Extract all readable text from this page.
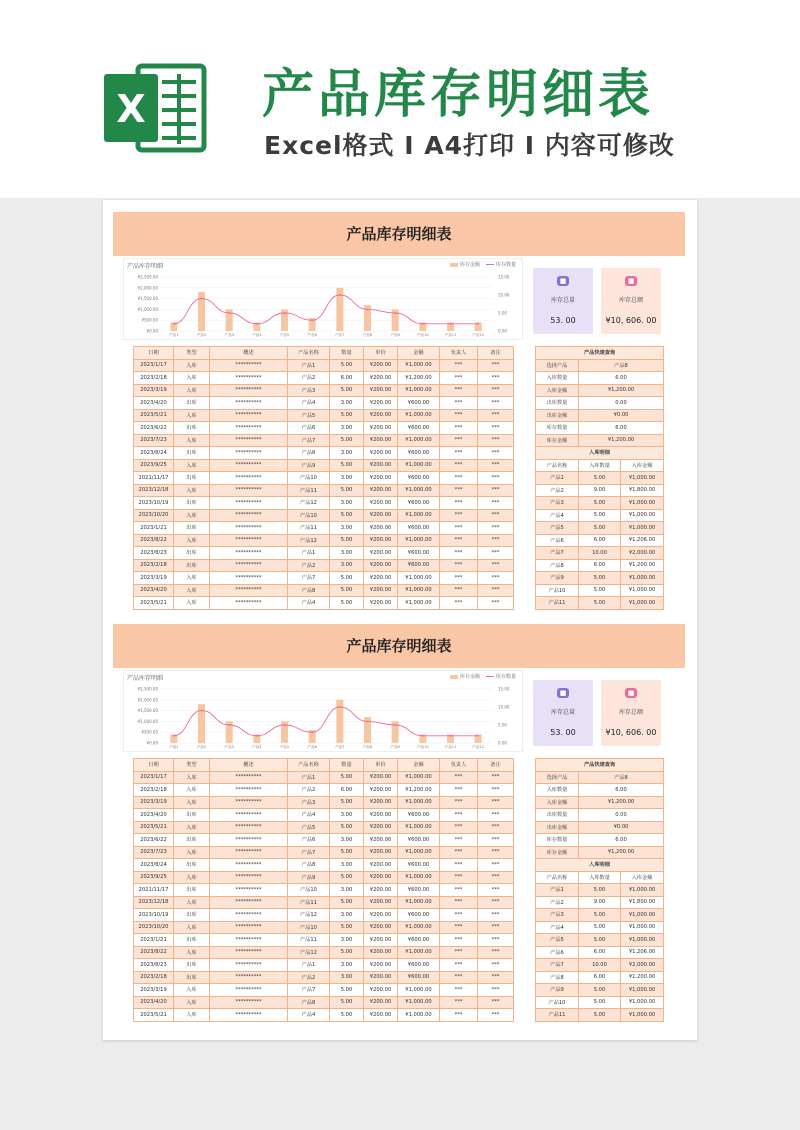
X 产品库存明细表
Excel格式 I A4打印 I 内容可修改
产品库存明细表
产品库存明细	库存金额	库存数量
¥2,500.00
¥2,000.00
¥1,500.00
¥1,000.00
¥500.00
¥0.00
15.00
10.00
5.00
0.00
产品1	产品2	产品3	产品4	产品5	产品6	产品7	产品8	产品9	产品10	产品11	产品12
■
库存总量
53. 00
■
库存总额
¥10, 606. 00
日期	类型	概述	产品名称	数量	单价	金额	负责人	备注
2023/1/17	入库	**********	产品1	5.00	¥200.00	¥1,000.00	***	***
2023/2/18	入库	**********	产品2	6.00	¥200.00	¥1,200.00	***	***
2023/3/19	入库	**********	产品3	5.00	¥200.00	¥1,000.00	***	***
2023/4/20	出库	**********	产品4	3.00	¥200.00	¥600.00	***	***
2023/5/21	入库	**********	产品5	5.00	¥200.00	¥1,000.00	***	***
2023/6/22	出库	**********	产品6	3.00	¥200.00	¥600.00	***	***
2023/7/23	入库	**********	产品7	5.00	¥200.00	¥1,000.00	***	***
2023/8/24	出库	**********	产品8	3.00	¥200.00	¥600.00	***	***
2023/9/25	入库	**********	产品9	5.00	¥200.00	¥1,000.00	***	***
2021/11/17	出库	**********	产品10	3.00	¥200.00	¥600.00	***	***
2023/12/18	入库	**********	产品11	5.00	¥200.00	¥1,000.00	***	***
2023/10/19	出库	**********	产品12	3.00	¥200.00	¥600.00	***	***
2023/10/20	入库	**********	产品10	5.00	¥200.00	¥1,000.00	***	***
2023/1/21	出库	**********	产品11	3.00	¥200.00	¥600.00	***	***
2023/8/22	入库	**********	产品12	5.00	¥200.00	¥1,000.00	***	***
2023/8/23	出库	**********	产品1	3.00	¥200.00	¥600.00	***	***
2023/2/18	出库	**********	产品2	3.00	¥200.00	¥600.00	***	***
2023/3/19	入库	**********	产品7	5.00	¥200.00	¥1,000.00	***	***
2023/4/20	入库	**********	产品8	5.00	¥200.00	¥1,000.00	***	***
2023/5/21	入库	**********	产品4	5.00	¥200.00	¥1,000.00	***	***
产品快速查询		
选择产品	产品8	
入库数量	6.00	
入库金额	¥1,200.00	
出库数量	0.00	
出库金额	¥0.00	
库存数量	6.00	
库存金额	¥1,200.00	
入库明细		
产品名称	入库数量	入库金额
产品1	5.00	¥1,000.00
产品2	9.00	¥1,800.00
产品3	5.00	¥1,000.00
产品4	5.00	¥1,000.00
产品5	5.00	¥1,000.00
产品6	6.00	¥1,206.00
产品7	10.00	¥2,000.00
产品8	6.00	¥1,200.00
产品9	5.00	¥1,000.00
产品10	5.00	¥1,000.00
产品11	5.00	¥1,000.00
产品库存明细表
产品库存明细	库存金额	库存数量
¥2,500.00
¥2,000.00
¥1,500.00
¥1,000.00
¥500.00
¥0.00
15.00
10.00
5.00
0.00
产品1	产品2	产品3	产品4	产品5	产品6	产品7	产品8	产品9	产品10	产品11	产品12
■
库存总量
53. 00
■
库存总额
¥10, 606. 00
日期	类型	概述	产品名称	数量	单价	金额	负责人	备注
2023/1/17	入库	**********	产品1	5.00	¥200.00	¥1,000.00	***	***
2023/2/18	入库	**********	产品2	6.00	¥200.00	¥1,200.00	***	***
2023/3/19	入库	**********	产品3	5.00	¥200.00	¥1,000.00	***	***
2023/4/20	出库	**********	产品4	3.00	¥200.00	¥600.00	***	***
2023/5/21	入库	**********	产品5	5.00	¥200.00	¥1,000.00	***	***
2023/6/22	出库	**********	产品6	3.00	¥200.00	¥600.00	***	***
2023/7/23	入库	**********	产品7	5.00	¥200.00	¥1,000.00	***	***
2023/8/24	出库	**********	产品8	3.00	¥200.00	¥600.00	***	***
2023/9/25	入库	**********	产品9	5.00	¥200.00	¥1,000.00	***	***
2021/11/17	出库	**********	产品10	3.00	¥200.00	¥600.00	***	***
2023/12/18	入库	**********	产品11	5.00	¥200.00	¥1,000.00	***	***
2023/10/19	出库	**********	产品12	3.00	¥200.00	¥600.00	***	***
2023/10/20	入库	**********	产品10	5.00	¥200.00	¥1,000.00	***	***
2023/1/21	出库	**********	产品11	3.00	¥200.00	¥600.00	***	***
2023/8/22	入库	**********	产品12	5.00	¥200.00	¥1,000.00	***	***
2023/8/23	出库	**********	产品1	3.00	¥200.00	¥600.00	***	***
2023/2/18	出库	**********	产品2	3.00	¥200.00	¥600.00	***	***
2023/3/19	入库	**********	产品7	5.00	¥200.00	¥1,000.00	***	***
2023/4/20	入库	**********	产品8	5.00	¥200.00	¥1,000.00	***	***
2023/5/21	入库	**********	产品4	5.00	¥200.00	¥1,000.00	***	***
产品快速查询		
选择产品	产品8	
入库数量	6.00	
入库金额	¥1,200.00	
出库数量	0.00	
出库金额	¥0.00	
库存数量	6.00	
库存金额	¥1,200.00	
入库明细		
产品名称	入库数量	入库金额
产品1	5.00	¥1,000.00
产品2	9.00	¥1,800.00
产品3	5.00	¥1,000.00
产品4	5.00	¥1,000.00
产品5	5.00	¥1,000.00
产品6	6.00	¥1,206.00
产品7	10.00	¥2,000.00
产品8	6.00	¥1,200.00
产品9	5.00	¥1,000.00
产品10	5.00	¥1,000.00
产品11	5.00	¥1,000.00
